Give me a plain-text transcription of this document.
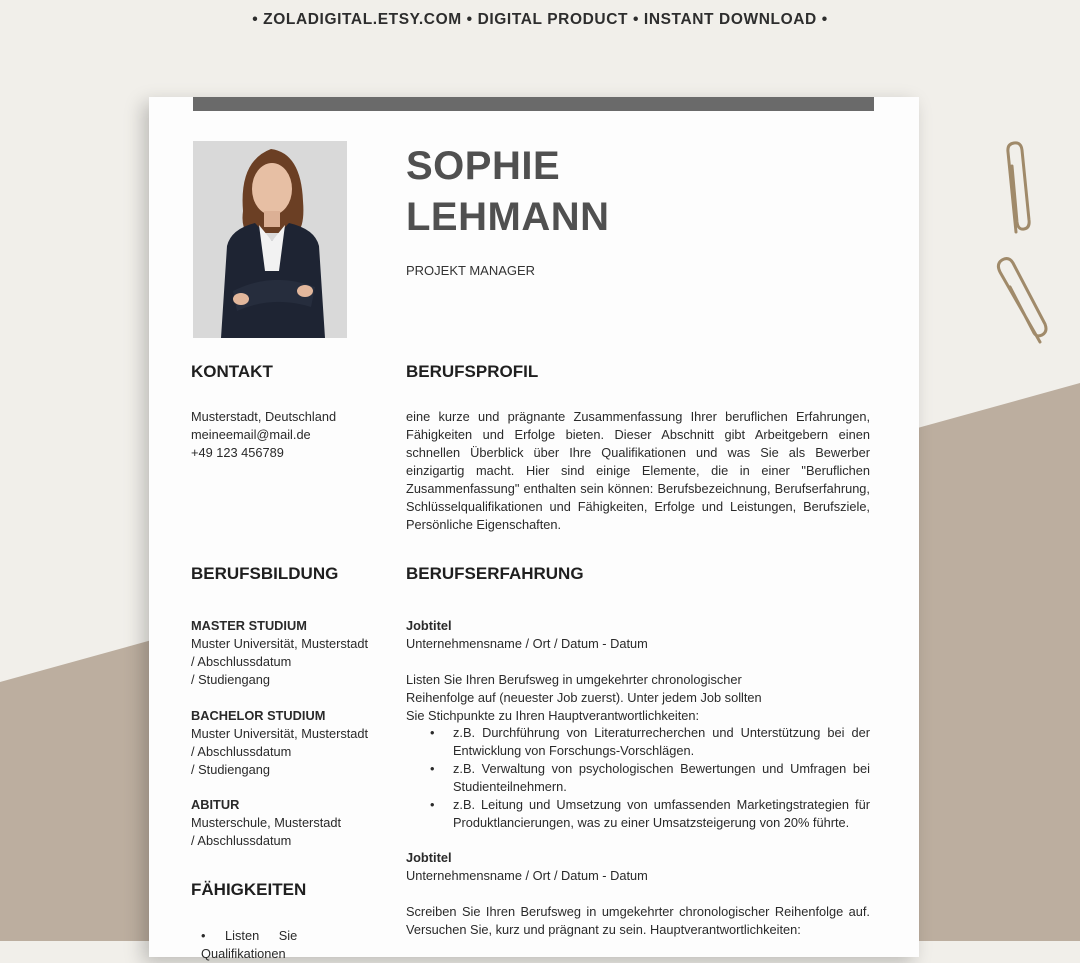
• ZOLADIGITAL.ETSY.COM • DIGITAL PRODUCT • INSTANT DOWNLOAD •
SOPHIE
LEHMANN
PROJEKT MANAGER
KONTAKT
Musterstadt, Deutschland
meineemail@mail.de
+49 123 456789
BERUFSBILDUNG
MASTER STUDIUM
Muster Universität, Musterstadt
/ Abschlussdatum
/ Studiengang
BACHELOR STUDIUM
Muster Universität, Musterstadt
/ Abschlussdatum
/ Studiengang
ABITUR
Musterschule, Musterstadt
/ Abschlussdatum
FÄHIGKEITEN
• Listen Sie Qualifikationen
BERUFSPROFIL
eine kurze und prägnante Zusammenfassung Ihrer beruflichen Erfahrungen, Fähigkeiten und Erfolge bieten. Dieser Abschnitt gibt Arbeitgebern einen schnellen Überblick über Ihre Qualifikationen und was Sie als Bewerber einzigartig macht. Hier sind einige Elemente, die in einer "Beruflichen Zusammenfassung" enthalten sein können: Berufsbezeichnung, Berufserfahrung, Schlüsselqualifikationen und Fähigkeiten, Erfolge und Leistungen, Berufsziele, Persönliche Eigenschaften.
BERUFSERFAHRUNG
Jobtitel
Unternehmensname / Ort / Datum - Datum
Listen Sie Ihren Berufsweg in umgekehrter chronologischer
Reihenfolge auf (neuester Job zuerst). Unter jedem Job sollten
Sie Stichpunkte zu Ihren Hauptverantwortlichkeiten:
•	z.B. Durchführung von Literaturrecherchen und Unterstützung bei der Entwicklung von Forschungs-Vorschlägen.
•	z.B. Verwaltung von psychologischen Bewertungen und Umfragen bei Studienteilnehmern.
•	z.B. Leitung und Umsetzung von umfassenden Marketingstrategien für Produktlancierungen, was zu einer Umsatzsteigerung von 20% führte.
Jobtitel
Unternehmensname / Ort / Datum - Datum
Screiben Sie Ihren Berufsweg in umgekehrter chronologischer Reihenfolge auf. Versuchen Sie, kurz und prägnant zu sein. Hauptverantwortlichkeiten:
